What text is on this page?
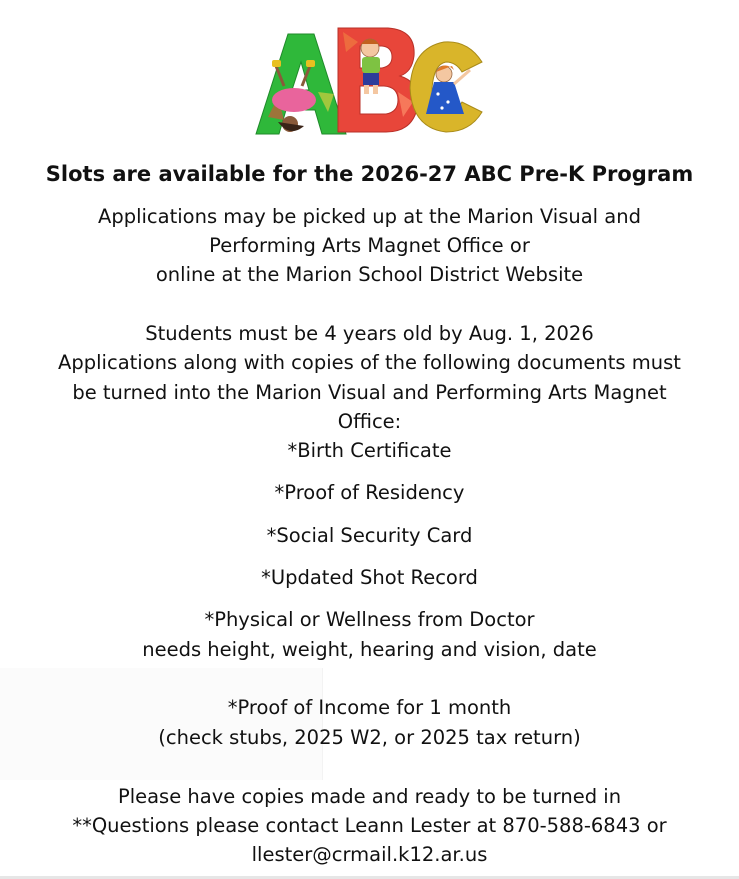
Slots are available for the 2026-27 ABC Pre-K Program
Applications may be picked up at the Marion Visual and
Performing Arts Magnet Office or
online at the Marion School District Website
Students must be 4 years old by Aug. 1, 2026
Applications along with copies of the following documents must
be turned into the Marion Visual and Performing Arts Magnet
Office:
*Birth Certificate
*Proof of Residency
*Social Security Card
*Updated Shot Record
*Physical or Wellness from Doctor
needs height, weight, hearing and vision, date
*Proof of Income for 1 month
(check stubs, 2025 W2, or 2025 tax return)
Please have copies made and ready to be turned in
**Questions please contact Leann Lester at 870-588-6843 or
llester@crmail.k12.ar.us
